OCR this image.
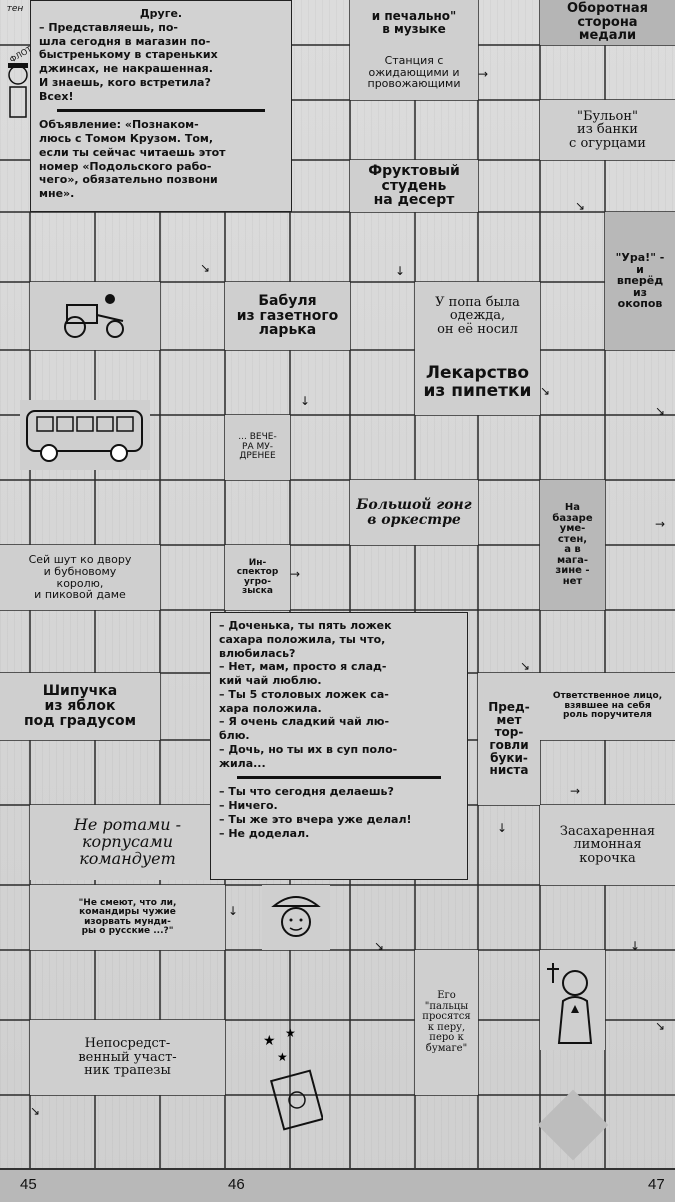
Друге.
– Представляешь, по-
шла сегодня в магазин по-
быстренькому в стареньких
джинсах, не накрашенная.
И знаешь, кого встретила?
Всех!
Объявление: «Познаком-
люсь с Томом Крузом. Том,
если ты сейчас читаешь этот
номер «Подольского рабо-
чего», обязательно позвони
мне».
тен
ФЛОТ
и печально"
в музыке
Оборотная
сторона
медали
Станция с
ожидающими и
провожающими
"Бульон"
из банки
с огурцами
Фруктовый
студень
на десерт
"Ура!" -
и
вперёд
из
окопов
Бабуля
из газетного
ларька
У попа была
одежда,
он её носил
Лекарство
из пипетки
... ВЕЧЕ-
РА МУ-
ДРЕНЕЕ
Большой гонг
в оркестре
На
базаре
уме-
стен,
а в
мага-
зине -
нет
Сей шут ко двору
и бубновому
королю,
и пиковой даме
Ин-
спектор
угро-
зыска
Шипучка
из яблок
под градусом
Пред-
мет
тор-
говли
буки-
ниста
Ответственное лицо,
взявшее на себя
роль поручителя
Не ротами -
корпусами
командует
Засахаренная
лимонная
корочка
"Не смеют, что ли,
командиры чужие
изорвать мунди-
ры о русские ...?"
Его
"пальцы
просятся
к перу,
перо к
бумаге"
Непосредст-
венный участ-
ник трапезы
– Доченька, ты пять ложек
сахара положила, ты что,
влюбилась?
– Нет, мам, просто я слад-
кий чай люблю.
– Ты 5 столовых ложек са-
хара положила.
– Я очень сладкий чай лю-
блю.
– Дочь, но ты их в суп поло-
жила...
– Ты что сегодня делаешь?
– Ничего.
– Ты же это вчера уже делал!
– Не доделал.
★ ★
★
→
↘
↘	↓
↓
↘
↘
→
→
↘
↓
→
↓
↘	↓
↘
↘
45	46	47
